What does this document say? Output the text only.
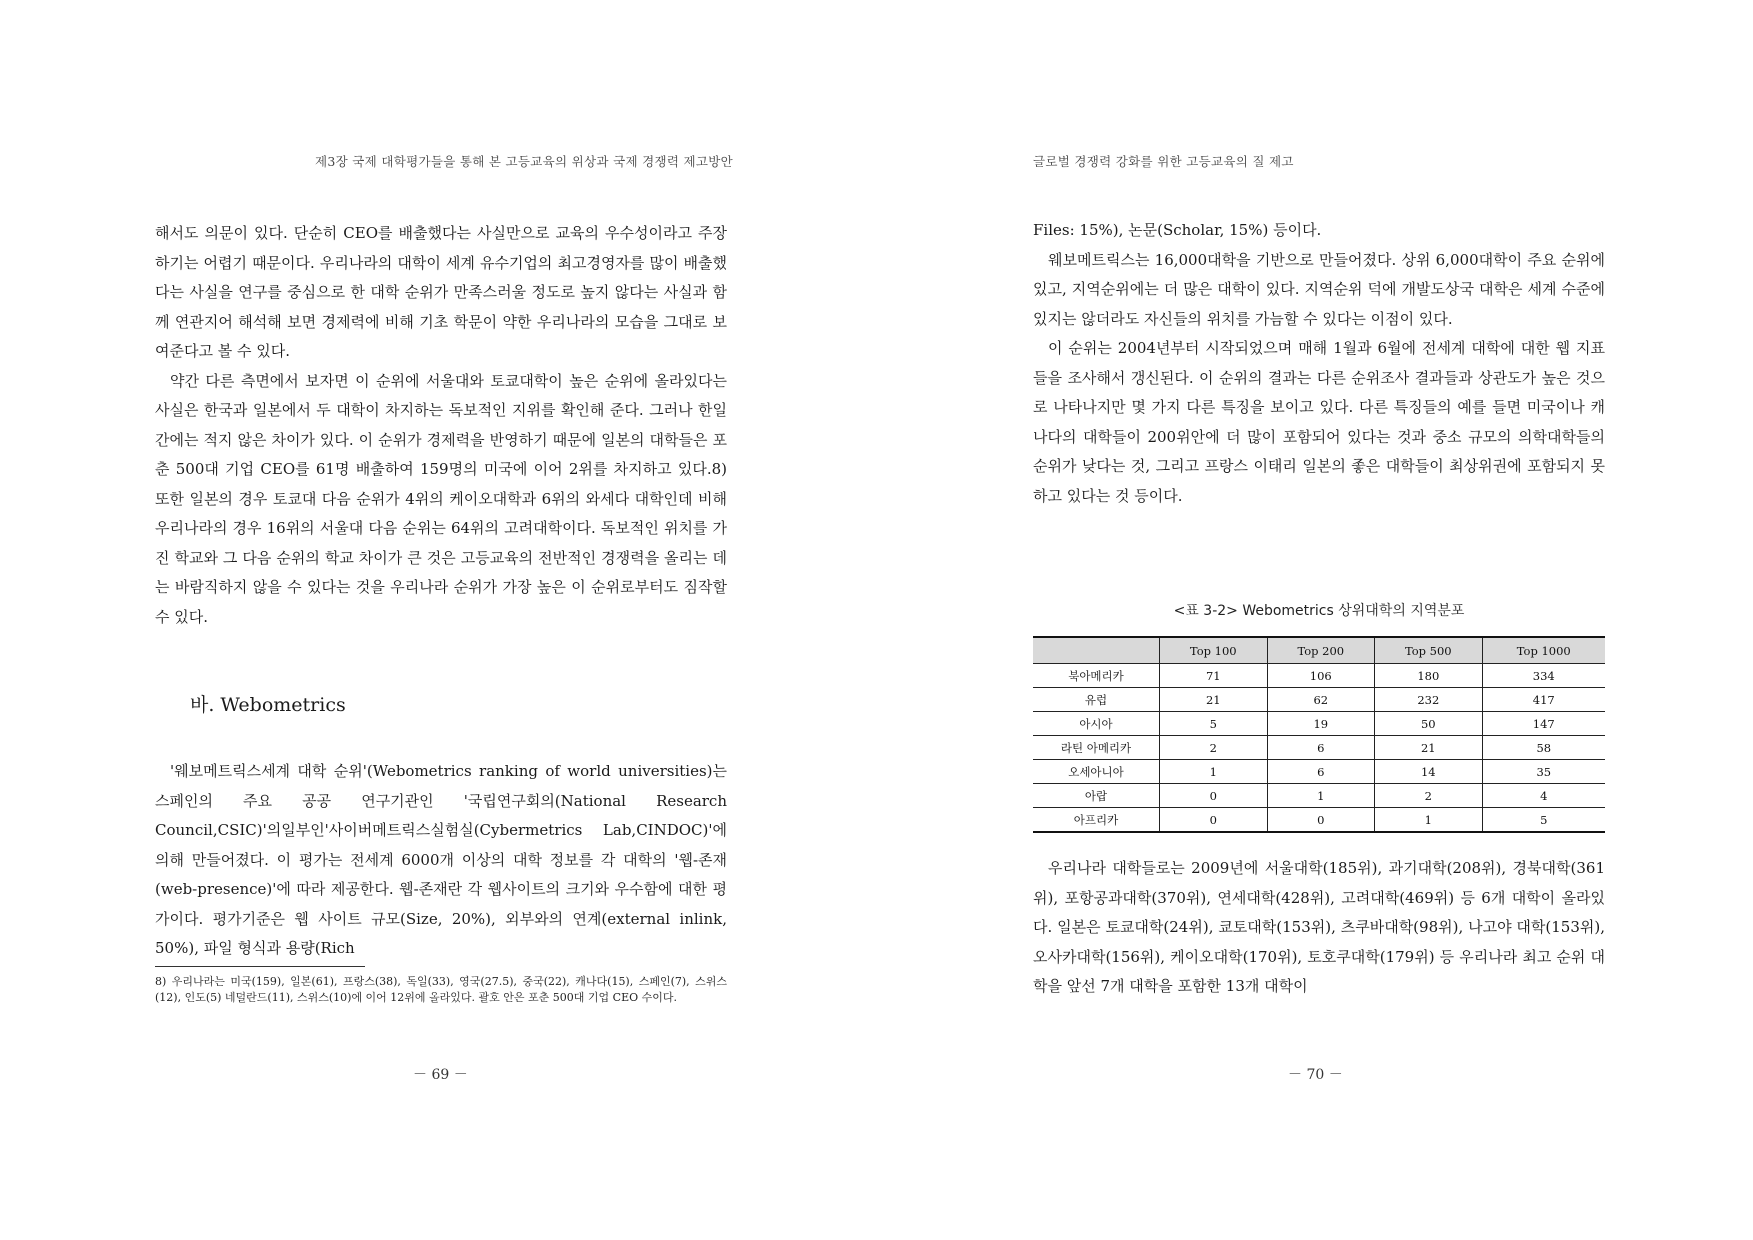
제3장 국제 대학평가들을 통해 본 고등교육의 위상과 국제 경쟁력 제고방안

해서도 의문이 있다. 단순히 CEO를 배출했다는 사실만으로 교육의 우수성이라고 주장하기는 어렵기 때문이다. 우리나라의 대학이 세계 유수기업의 최고경영자를 많이 배출했다는 사실을 연구를 중심으로 한 대학 순위가 만족스러울 정도로 높지 않다는 사실과 함께 연관지어 해석해 보면 경제력에 비해 기초 학문이 약한 우리나라의 모습을 그대로 보여준다고 볼 수 있다.

약간 다른 측면에서 보자면 이 순위에 서울대와 토쿄대학이 높은 순위에 올라있다는 사실은 한국과 일본에서 두 대학이 차지하는 독보적인 지위를 확인해 준다. 그러나 한일 간에는 적지 않은 차이가 있다. 이 순위가 경제력을 반영하기 때문에 일본의 대학들은 포춘 500대 기업 CEO를 61명 배출하여 159명의 미국에 이어 2위를 차지하고 있다.8) 또한 일본의 경우 토쿄대 다음 순위가 4위의 케이오대학과 6위의 와세다 대학인데 비해 우리나라의 경우 16위의 서울대 다음 순위는 64위의 고려대학이다. 독보적인 위치를 가진 학교와 그 다음 순위의 학교 차이가 큰 것은 고등교육의 전반적인 경쟁력을 올리는 데는 바람직하지 않을 수 있다는 것을 우리나라 순위가 가장 높은 이 순위로부터도 짐작할 수 있다.

바. Webometrics

'웨보메트릭스세계 대학 순위'(Webometrics ranking of world universities)는 스페인의 주요 공공 연구기관인 '국립연구회의(National Research Council,CSIC)'의일부인'사이버메트릭스실험실(Cybermetrics Lab,CINDOC)'에 의해 만들어졌다. 이 평가는 전세계 6000개 이상의 대학 정보를 각 대학의 '웹-존재(web-presence)'에 따라 제공한다. 웹-존재란 각 웹사이트의 크기와 우수함에 대한 평가이다. 평가기준은 웹 사이트 규모(Size, 20%), 외부와의 연계(external inlink, 50%), 파일 형식과 용량(Rich

8) 우리나라는 미국(159), 일본(61), 프랑스(38), 독일(33), 영국(27.5), 중국(22), 캐나다(15), 스페인(7), 스위스(12), 인도(5) 네덜란드(11), 스위스(10)에 이어 12위에 올라있다. 괄호 안은 포춘 500대 기업 CEO 수이다.
－ 69 －
글로벌 경쟁력 강화를 위한 고등교육의 질 제고

Files: 15%), 논문(Scholar, 15%) 등이다.

웨보메트릭스는 16,000대학을 기반으로 만들어졌다. 상위 6,000대학이 주요 순위에 있고, 지역순위에는 더 많은 대학이 있다. 지역순위 덕에 개발도상국 대학은 세계 수준에 있지는 않더라도 자신들의 위치를 가늠할 수 있다는 이점이 있다.

이 순위는 2004년부터 시작되었으며 매해 1월과 6월에 전세계 대학에 대한 웹 지표들을 조사해서 갱신된다. 이 순위의 결과는 다른 순위조사 결과들과 상관도가 높은 것으로 나타나지만 몇 가지 다른 특징을 보이고 있다. 다른 특징들의 예를 들면 미국이나 캐나다의 대학들이 200위안에 더 많이 포함되어 있다는 것과 중소 규모의 의학대학들의 순위가 낮다는 것, 그리고 프랑스 이태리 일본의 좋은 대학들이 최상위권에 포함되지 못하고 있다는 것 등이다.

<표 3-2> Webometrics 상위대학의 지역분포
	Top 100	Top 200	Top 500	Top 1000
북아메리카	71	106	180	334
유럽	21	62	232	417
아시아	5	19	50	147
라틴 아메리카	2	6	21	58
오세아니아	1	6	14	35
아랍	0	1	2	4
아프리카	0	0	1	5

우리나라 대학들로는 2009년에 서울대학(185위), 과기대학(208위), 경북대학(361위), 포항공과대학(370위), 연세대학(428위), 고려대학(469위) 등 6개 대학이 올라있다. 일본은 토쿄대학(24위), 쿄토대학(153위), 츠쿠바대학(98위), 나고야 대학(153위), 오사카대학(156위), 케이오대학(170위), 토호쿠대학(179위) 등 우리나라 최고 순위 대학을 앞선 7개 대학을 포함한 13개 대학이

－ 70 －
